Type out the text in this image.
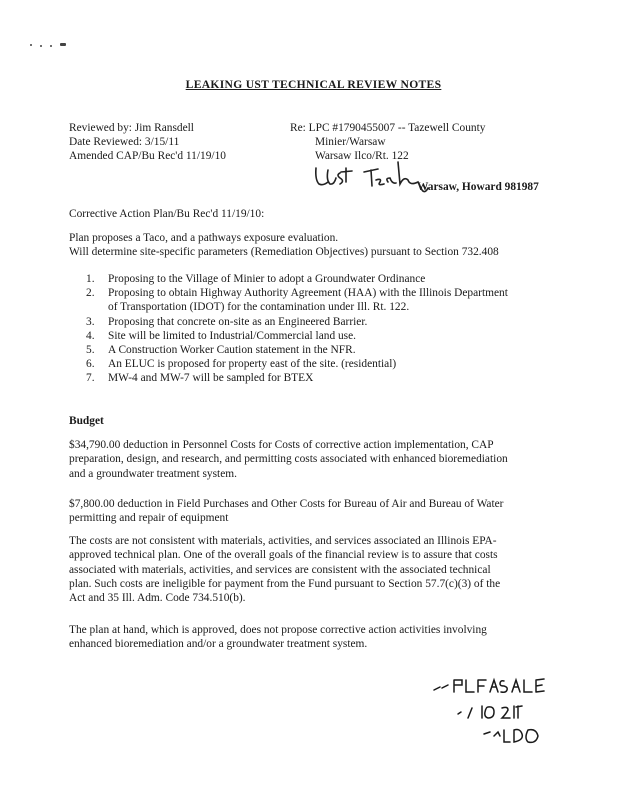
LEAKING UST TECHNICAL REVIEW NOTES
Reviewed by: Jim Ransdell
Date Reviewed: 3/15/11
Amended CAP/Bu Rec'd 11/19/10
Re: LPC #1790455007 -- Tazewell County
Minier/Warsaw
Warsaw Ilco/Rt. 122
Warsaw, Howard 981987
Corrective Action Plan/Bu Rec'd 11/19/10:
Plan proposes a Taco, and a pathways exposure evaluation.
Will determine site-specific parameters (Remediation Objectives) pursuant to Section 732.408
1. Proposing to the Village of Minier to adopt a Groundwater Ordinance
2. Proposing to obtain Highway Authority Agreement (HAA) with the Illinois Department
of Transportation (IDOT) for the contamination under Ill. Rt. 122.
3. Proposing that concrete on-site as an Engineered Barrier.
4. Site will be limited to Industrial/Commercial land use.
5. A Construction Worker Caution statement in the NFR.
6. An ELUC is proposed for property east of the site. (residential)
7. MW-4 and MW-7 will be sampled for BTEX
Budget
$34,790.00 deduction in Personnel Costs for Costs of corrective action implementation, CAP
preparation, design, and research, and permitting costs associated with enhanced bioremediation
and a groundwater treatment system.
$7,800.00 deduction in Field Purchases and Other Costs for Bureau of Air and Bureau of Water
permitting and repair of equipment
The costs are not consistent with materials, activities, and services associated an Illinois EPA-
approved technical plan. One of the overall goals of the financial review is to assure that costs
associated with materials, activities, and services are consistent with the associated technical
plan. Such costs are ineligible for payment from the Fund pursuant to Section 57.7(c)(3) of the
Act and 35 Ill. Adm. Code 734.510(b).
The plan at hand, which is approved, does not propose corrective action activities involving
enhanced bioremediation and/or a groundwater treatment system.
